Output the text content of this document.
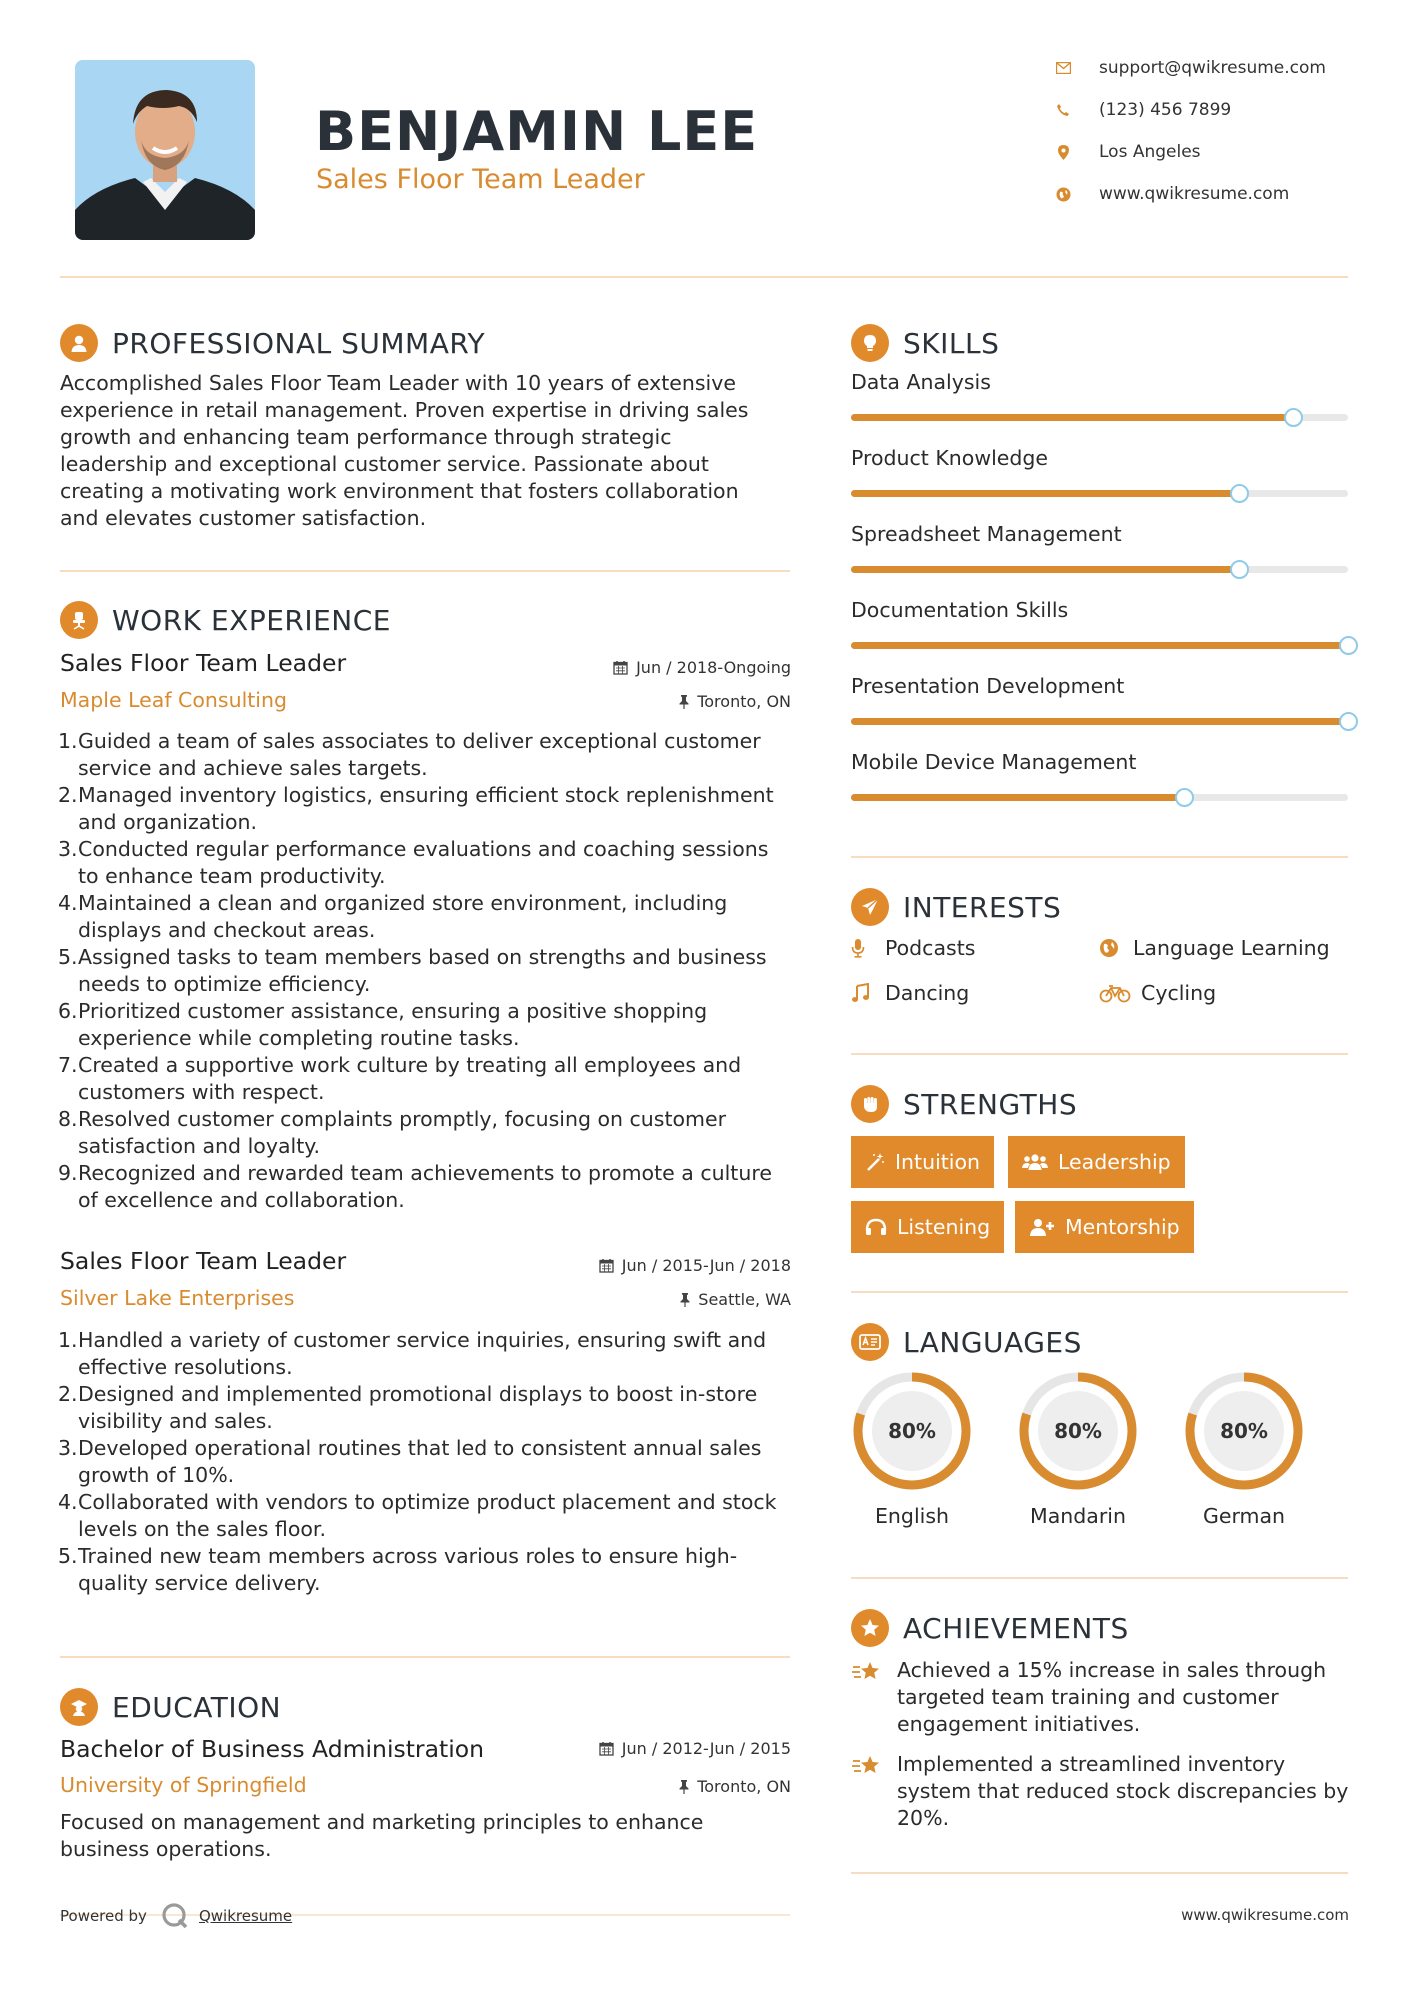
BENJAMIN LEE
Sales Floor Team Leader
support@qwikresume.com
(123) 456 7899
Los Angeles
www.qwikresume.com
PROFESSIONAL SUMMARY
Accomplished Sales Floor Team Leader with 10 years of extensive experience in retail management. Proven expertise in driving sales growth and enhancing team performance through strategic leadership and exceptional customer service. Passionate about creating a motivating work environment that fosters collaboration and elevates customer satisfaction.
WORK EXPERIENCE
Sales Floor Team Leader	Jun / 2018-Ongoing
Maple Leaf Consulting	Toronto, ON
1. Guided a team of sales associates to deliver exceptional customer service and achieve sales targets.
2. Managed inventory logistics, ensuring efficient stock replenishment and organization.
3. Conducted regular performance evaluations and coaching sessions to enhance team productivity.
4. Maintained a clean and organized store environment, including displays and checkout areas.
5. Assigned tasks to team members based on strengths and business needs to optimize efficiency.
6. Prioritized customer assistance, ensuring a positive shopping experience while completing routine tasks.
7. Created a supportive work culture by treating all employees and customers with respect.
8. Resolved customer complaints promptly, focusing on customer satisfaction and loyalty.
9. Recognized and rewarded team achievements to promote a culture of excellence and collaboration.
Sales Floor Team Leader	Jun / 2015-Jun / 2018
Silver Lake Enterprises	Seattle, WA
1. Handled a variety of customer service inquiries, ensuring swift and effective resolutions.
2. Designed and implemented promotional displays to boost in-store visibility and sales.
3. Developed operational routines that led to consistent annual sales growth of 10%.
4. Collaborated with vendors to optimize product placement and stock levels on the sales floor.
5. Trained new team members across various roles to ensure high-quality service delivery.
EDUCATION
Bachelor of Business Administration	Jun / 2012-Jun / 2015
University of Springfield	Toronto, ON
Focused on management and marketing principles to enhance business operations.
SKILLS
Data Analysis
Product Knowledge
Spreadsheet Management
Documentation Skills
Presentation Development
Mobile Device Management
INTERESTS
Podcasts	Language Learning
Dancing	Cycling
STRENGTHS
Intuition	Leadership
Listening	Mentorship
LANGUAGES
80%
English
80%
Mandarin
80%
German
ACHIEVEMENTS
Achieved a 15% increase in sales through targeted team training and customer engagement initiatives.
Implemented a streamlined inventory system that reduced stock discrepancies by 20%.
Powered by	Qwikresume	www.qwikresume.com
